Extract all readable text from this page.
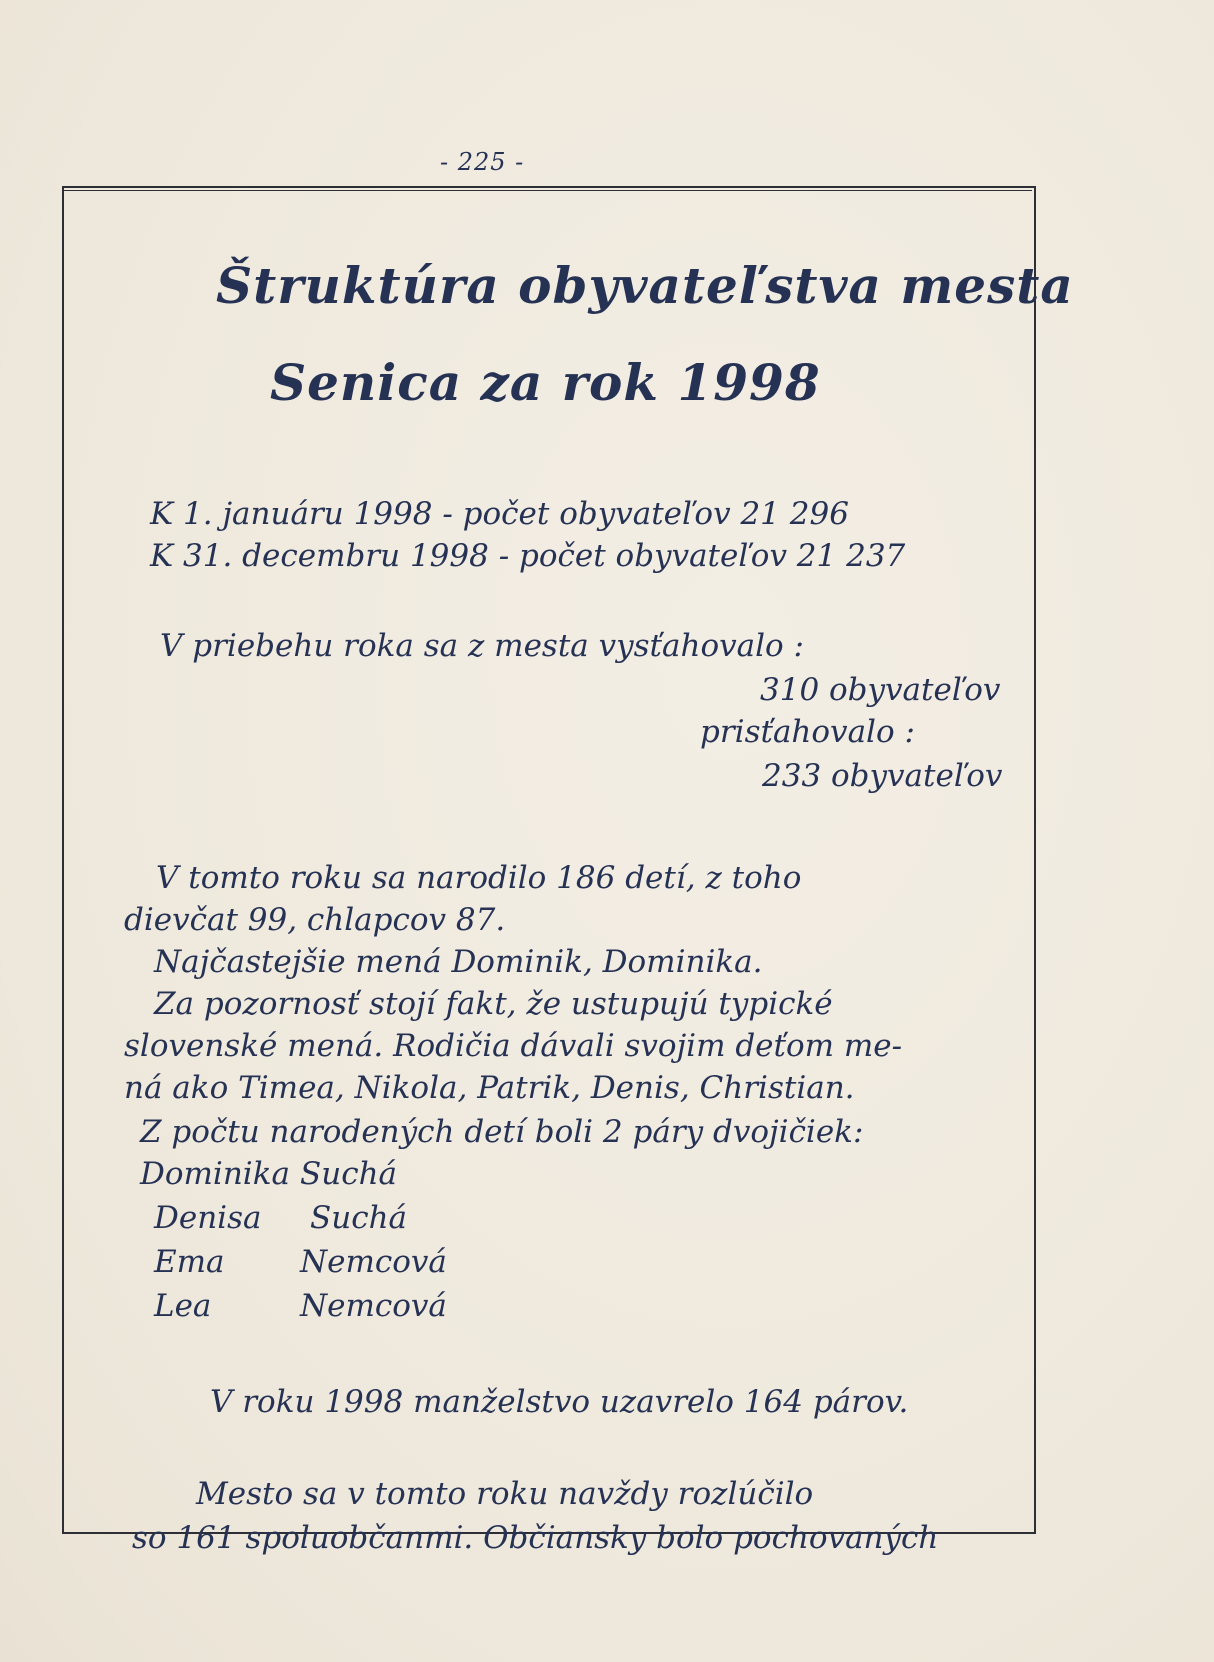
- 225 -
Štruktúra obyvateľstva mesta
Senica za rok 1998
K 1. januáru 1998 - počet obyvateľov 21 296
K 31. decembru 1998 - počet obyvateľov 21 237
V priebehu roka sa z mesta vysťahovalo :
310 obyvateľov
prisťahovalo :
233 obyvateľov
V tomto roku sa narodilo 186 detí, z toho
dievčat 99, chlapcov 87.
Najčastejšie mená Dominik, Dominika.
Za pozornosť stojí fakt, že ustupujú typické
slovenské mená. Rodičia dávali svojim deťom me-
ná ako Timea, Nikola, Patrik, Denis, Christian.
Z počtu narodených detí boli 2 páry dvojičiek:
Dominika Suchá
Denisa Suchá
Ema Nemcová
Lea	Nemcová
V roku 1998 manželstvo uzavrelo 164 párov.
Mesto sa v tomto roku navždy rozlúčilo
so 161 spoluobčanmi. Občiansky bolo pochovaných
